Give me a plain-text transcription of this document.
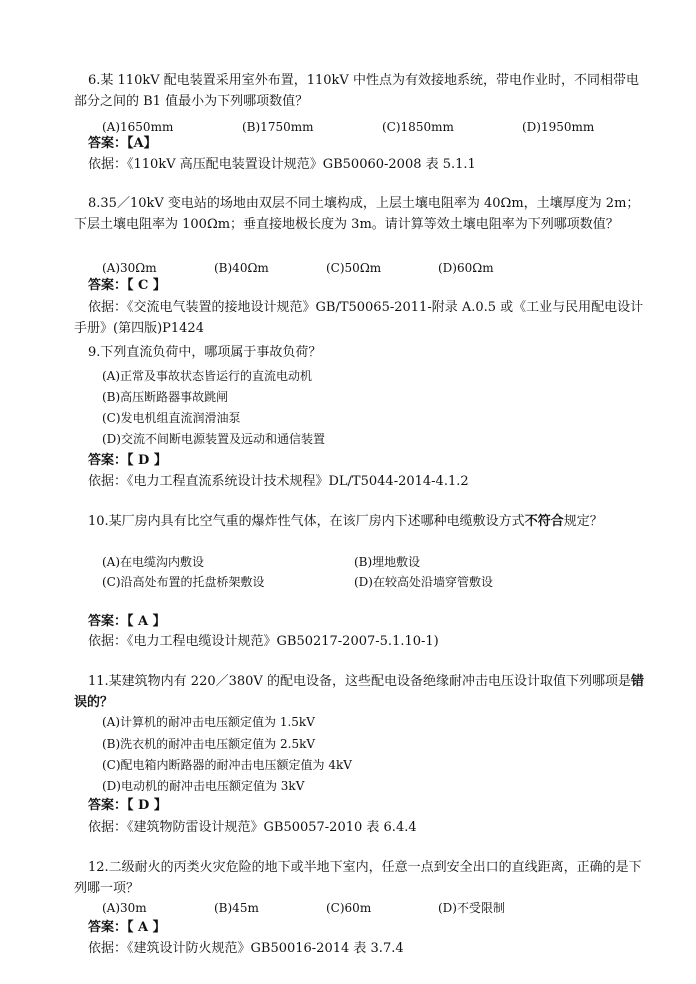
6.某 110kV 配电装置采用室外布置，110kV 中性点为有效接地系统，带电作业时，不同相带电部分之间的 B1 值最小为下列哪项数值？
(A)1650mm	(B)1750mm	(C)1850mm	(D)1950mm
答案：【A】
依据：《110kV 高压配电装置设计规范》GB50060-2008 表 5.1.1
8.35／10kV 变电站的场地由双层不同土壤构成，上层土壤电阻率为 40Ωm，土壤厚度为 2m；下层土壤电阻率为 100Ωm；垂直接地极长度为 3m。请计算等效土壤电阻率为下列哪项数值？
(A)30Ωm	(B)40Ωm	(C)50Ωm	(D)60Ωm
答案：【 C 】
依据：《交流电气装置的接地设计规范》GB/T50065-2011-附录 A.0.5 或《工业与民用配电设计手册》(第四版)P1424
9.下列直流负荷中，哪项属于事故负荷？
(A)正常及事故状态皆运行的直流电动机
(B)高压断路器事故跳闸
(C)发电机组直流润滑油泵
(D)交流不间断电源装置及远动和通信装置
答案：【 D 】
依据：《电力工程直流系统设计技术规程》DL/T5044-2014-4.1.2
10.某厂房内具有比空气重的爆炸性气体，在该厂房内下述哪种电缆敷设方式不符合规定？
(A)在电缆沟内敷设	(B)埋地敷设
(C)沿高处布置的托盘桥架敷设	(D)在较高处沿墙穿管敷设
答案：【 A 】
依据：《电力工程电缆设计规范》GB50217-2007-5.1.10-1)
11.某建筑物内有 220／380V 的配电设备，这些配电设备绝缘耐冲击电压设计取值下列哪项是错误的？
(A)计算机的耐冲击电压额定值为 1.5kV
(B)洗衣机的耐冲击电压额定值为 2.5kV
(C)配电箱内断路器的耐冲击电压额定值为 4kV
(D)电动机的耐冲击电压额定值为 3kV
答案：【 D 】
依据：《建筑物防雷设计规范》GB50057-2010 表 6.4.4
12.二级耐火的丙类火灾危险的地下或半地下室内，任意一点到安全出口的直线距离，正确的是下列哪一项？
(A)30m	(B)45m	(C)60m	(D)不受限制
答案：【 A 】
依据：《建筑设计防火规范》GB50016-2014 表 3.7.4
